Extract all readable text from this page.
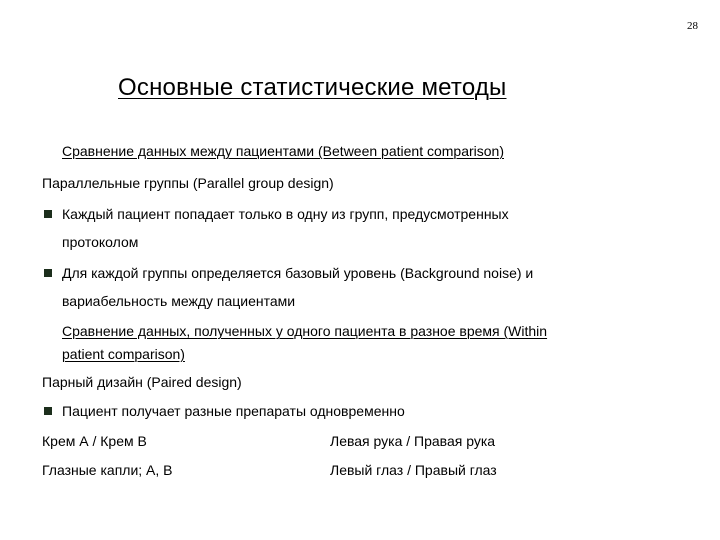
28
Основные статистические методы
Сравнение данных между пациентами (Between patient comparison)
Параллельные группы (Parallel group design)
Каждый пациент попадает только в одну из групп, предусмотренных
протоколом
Для каждой группы определяется базовый уровень (Background noise) и
вариабельность между пациентами
Сравнение данных, полученных у одного пациента в разное время (Within
patient comparison)
Парный дизайн (Paired design)
Пациент получает разные препараты одновременно
Крем А / Крем В	Левая рука / Правая рука
Глазные капли; А, В	Левый глаз / Правый глаз
